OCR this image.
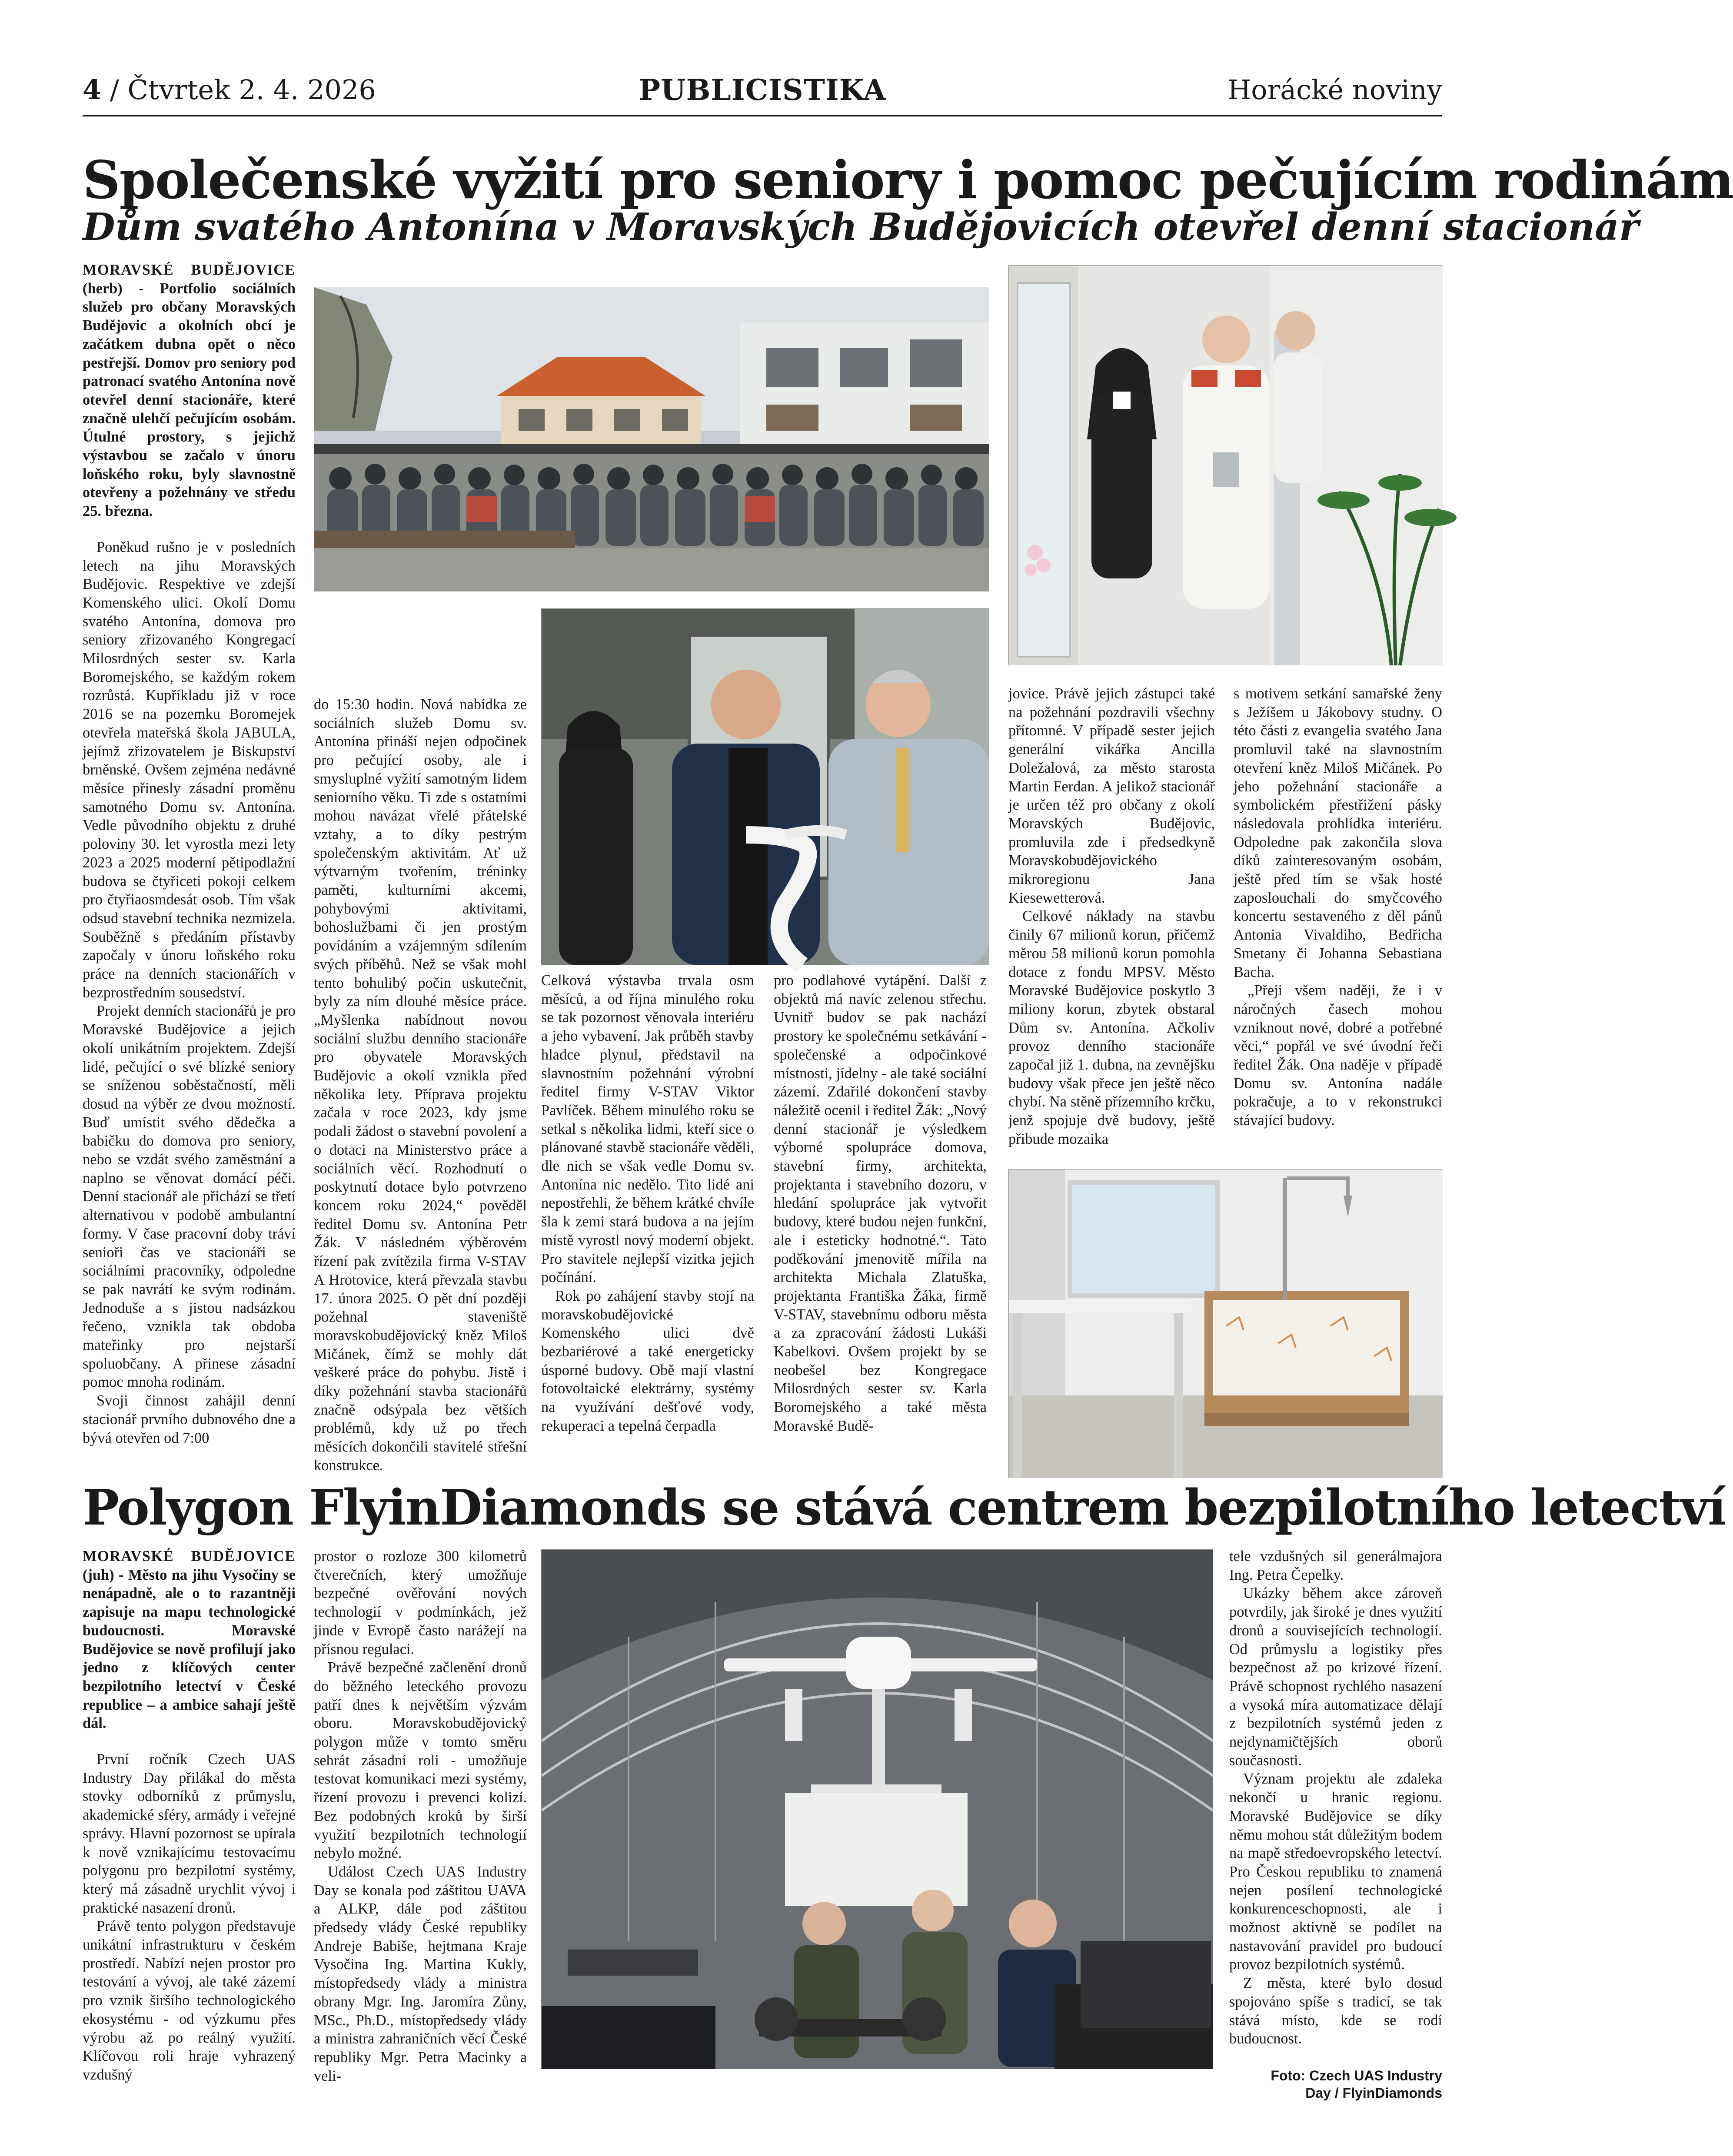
4 / Čtvrtek 2. 4. 2026	PUBLICISTIKA	Horácké noviny
Společenské vyžití pro seniory i pomoc pečujícím rodinám
Dům svatého Antonína v Moravských Budějovicích otevřel denní stacionář

MORAVSKÉ BUDĚJOVICE (herb) - Portfolio sociálních služeb pro občany Moravských Budějovic a okolních obcí je začátkem dubna opět o něco pestřejší. Domov pro seniory pod patronací svatého Antonína nově otevřel denní stacionáře, které značně ulehčí pečujícím osobám. Útulné prostory, s jejichž výstavbou se začalo v únoru loňského roku, byly slavnostně otevřeny a požehnány ve středu 25. března.

Poněkud rušno je v posledních letech na jihu Moravských Budějovic. Respektive ve zdejší Komenského ulici. Okolí Domu svatého Antonína, domova pro seniory zřizovaného Kongregací Milosrdných sester sv. Karla Boromejského, se každým rokem rozrůstá. Kupříkladu již v roce 2016 se na pozemku Boromejek otevřela mateřská škola JABULA, jejímž zřizovatelem je Biskupství brněnské. Ovšem zejména nedávné měsíce přinesly zásadní proměnu samotného Domu sv. Antonína. Vedle původního objektu z druhé poloviny 30. let vyrostla mezi lety 2023 a 2025 moderní pětipodlažní budova se čtyřiceti pokoji celkem pro čtyřiaosmdesát osob. Tím však odsud stavební technika nezmizela. Souběžně s předáním přístavby započaly v únoru loňského roku práce na denních stacionářích v bezprostředním sousedství.

Projekt denních stacionářů je pro Moravské Budějovice a jejich okolí unikátním projektem. Zdejší lidé, pečující o své blízké seniory se sníženou soběstačností, měli dosud na výběr ze dvou možností. Buď umístit svého dědečka a babičku do domova pro seniory, nebo se vzdát svého zaměstnání a naplno se věnovat domácí péči. Denní stacionář ale přichází se třetí alternativou v podobě ambulantní formy. V čase pracovní doby tráví senioři čas ve stacionáři se sociálními pracovníky, odpoledne se pak navrátí ke svým rodinám. Jednoduše a s jistou nadsázkou řečeno, vznikla tak obdoba mateřinky pro nejstarší spoluobčany. A přinese zásadní pomoc mnoha rodinám.

Svoji činnost zahájil denní stacionář prvního dubnového dne a bývá otevřen od 7:00

do 15:30 hodin. Nová nabídka ze sociálních služeb Domu sv. Antonína přináší nejen odpočinek pro pečující osoby, ale i smysluplné vyžití samotným lidem seniorního věku. Ti zde s ostatními mohou navázat vřelé přátelské vztahy, a to díky pestrým společenským aktivitám. Ať už výtvarným tvořením, tréninky paměti, kulturními akcemi, pohybovými aktivitami, bohoslužbami či jen prostým povídáním a vzájemným sdílením svých příběhů. Než se však mohl tento bohulibý počin uskutečnit, byly za ním dlouhé měsíce práce. „Myšlenka nabídnout novou sociální službu denního stacionáře pro obyvatele Moravských Budějovic a okolí vznikla před několika lety. Příprava projektu začala v roce 2023, kdy jsme podali žádost o stavební povolení a o dotaci na Ministerstvo práce a sociálních věcí. Rozhodnutí o poskytnutí dotace bylo potvrzeno koncem roku 2024,“ pověděl ředitel Domu sv. Antonína Petr Žák. V následném výběrovém řízení pak zvítězila firma V-STAV A Hrotovice, která převzala stavbu 17. února 2025. O pět dní později požehnal staveniště moravskobudějovický kněz Miloš Mičánek, čímž se mohly dát veškeré práce do pohybu. Jistě i díky požehnání stavba stacionářů značně odsýpala bez větších problémů, kdy už po třech měsících dokončili stavitelé střešní konstrukce.

Celková výstavba trvala osm měsíců, a od října minulého roku se tak pozornost věnovala interiéru a jeho vybavení. Jak průběh stavby hladce plynul, představil na slavnostním požehnání výrobní ředitel firmy V-STAV Viktor Pavlíček. Během minulého roku se setkal s několika lidmi, kteří sice o plánované stavbě stacionáře věděli, dle nich se však vedle Domu sv. Antonína nic nedělo. Tito lidé ani nepostřehli, že během krátké chvíle šla k zemi stará budova a na jejím místě vyrostl nový moderní objekt. Pro stavitele nejlepší vizitka jejich počínání.

Rok po zahájení stavby stojí na moravskobudějovické Komenského ulici dvě bezbariérové a také energeticky úsporné budovy. Obě mají vlastní fotovoltaické elektrárny, systémy na využívání dešťové vody, rekuperaci a tepelná čerpadla

pro podlahové vytápění. Další z objektů má navíc zelenou střechu. Uvnitř budov se pak nachází prostory ke společnému setkávání - společenské a odpočinkové místnosti, jídelny - ale také sociální zázemí. Zdařilé dokončení stavby náležitě ocenil i ředitel Žák: „Nový denní stacionář je výsledkem výborné spolupráce domova, stavební firmy, architekta, projektanta i stavebního dozoru, v hledání spolupráce jak vytvořit budovy, které budou nejen funkční, ale i esteticky hodnotné.“. Tato poděkování jmenovitě mířila na architekta Michala Zlatuška, projektanta Františka Žáka, firmě V-STAV, stavebnímu odboru města a za zpracování žádosti Lukáši Kabelkovi. Ovšem projekt by se neobešel bez Kongregace Milosrdných sester sv. Karla Boromejského a také města Moravské Budě-

jovice. Právě jejich zástupci také na požehnání pozdravili všechny přítomné. V případě sester jejich generální vikářka Ancilla Doležalová, za město starosta Martin Ferdan. A jelikož stacionář je určen též pro občany z okolí Moravských Budějovic, promluvila zde i předsedkyně Moravskobudějovického mikroregionu Jana Kiesewetterová.

Celkové náklady na stavbu činily 67 milionů korun, přičemž měrou 58 milionů korun pomohla dotace z fondu MPSV. Město Moravské Budějovice poskytlo 3 miliony korun, zbytek obstaral Dům sv. Antonína. Ačkoliv provoz denního stacionáře započal již 1. dubna, na zevnějšku budovy však přece jen ještě něco chybí. Na stěně přízemního krčku, jenž spojuje dvě budovy, ještě přibude mozaika

s motivem setkání samařské ženy s Ježíšem u Jákobovy studny. O této části z evangelia svatého Jana promluvil také na slavnostním otevření kněz Miloš Mičánek. Po jeho požehnání stacionáře a symbolickém přestřižení pásky následovala prohlídka interiéru. Odpoledne pak zakončila slova díků zainteresovaným osobám, ještě před tím se však hosté zaposlouchali do smyčcového koncertu sestaveného z děl pánů Antonia Vivaldiho, Bedřicha Smetany či Johanna Sebastiana Bacha.

„Přeji všem naději, že i v náročných časech mohou vzniknout nové, dobré a potřebné věci,“ popřál ve své úvodní řeči ředitel Žák. Ona naděje v případě Domu sv. Antonína nadále pokračuje, a to v rekonstrukci stávající budovy.

Polygon FlyinDiamonds se stává centrem bezpilotního letectví

MORAVSKÉ BUDĚJOVICE (juh) - Město na jihu Vysočiny se nenápadně, ale o to razantněji zapisuje na mapu technologické budoucnosti. Moravské Budějovice se nově profilují jako jedno z klíčových center bezpilotního letectví v České republice – a ambice sahají ještě dál.

První ročník Czech UAS Industry Day přilákal do města stovky odborníků z průmyslu, akademické sféry, armády i veřejné správy. Hlavní pozornost se upírala k nově vznikajícímu testovacímu polygonu pro bezpilotní systémy, který má zásadně urychlit vývoj i praktické nasazení dronů.

Právě tento polygon představuje unikátní infrastrukturu v českém prostředí. Nabízí nejen prostor pro testování a vývoj, ale také zázemí pro vznik širšího technologického ekosystému - od výzkumu přes výrobu až po reálný využití. Klíčovou roli hraje vyhrazený vzdušný

prostor o rozloze 300 kilometrů čtverečních, který umožňuje bezpečné ověřování nových technologií v podmínkách, jež jinde v Evropě často narážejí na přísnou regulaci.

Právě bezpečné začlenění dronů do běžného leteckého provozu patří dnes k největším výzvám oboru. Moravskobudějovický polygon může v tomto směru sehrát zásadní roli - umožňuje testovat komunikaci mezi systémy, řízení provozu i prevenci kolizí. Bez podobných kroků by širší využití bezpilotních technologií nebylo možné.

Událost Czech UAS Industry Day se konala pod záštitou UAVA a ALKP, dále pod záštitou předsedy vlády České republiky Andreje Babiše, hejtmana Kraje Vysočina Ing. Martina Kukly, místopředsedy vlády a ministra obrany Mgr. Ing. Jaromíra Zůny, MSc., Ph.D., místopředsedy vlády a ministra zahraničních věcí České republiky Mgr. Petra Macinky a veli-

tele vzdušných sil generálmajora Ing. Petra Čepelky.

Ukázky během akce zároveň potvrdily, jak široké je dnes využití dronů a souvisejících technologií. Od průmyslu a logistiky přes bezpečnost až po krizové řízení. Právě schopnost rychlého nasazení a vysoká míra automatizace dělají z bezpilotních systémů jeden z nejdynamičtějších oborů současnosti.

Význam projektu ale zdaleka nekončí u hranic regionu. Moravské Budějovice se díky němu mohou stát důležitým bodem na mapě středoevropského letectví. Pro Českou republiku to znamená nejen posílení technologické konkurenceschopnosti, ale i možnost aktivně se podílet na nastavování pravidel pro budoucí provoz bezpilotních systémů.

Z města, které bylo dosud spojováno spíše s tradicí, se tak stává místo, kde se rodí budoucnost.

Foto: Czech UAS Industry
Day / FlyinDiamonds
